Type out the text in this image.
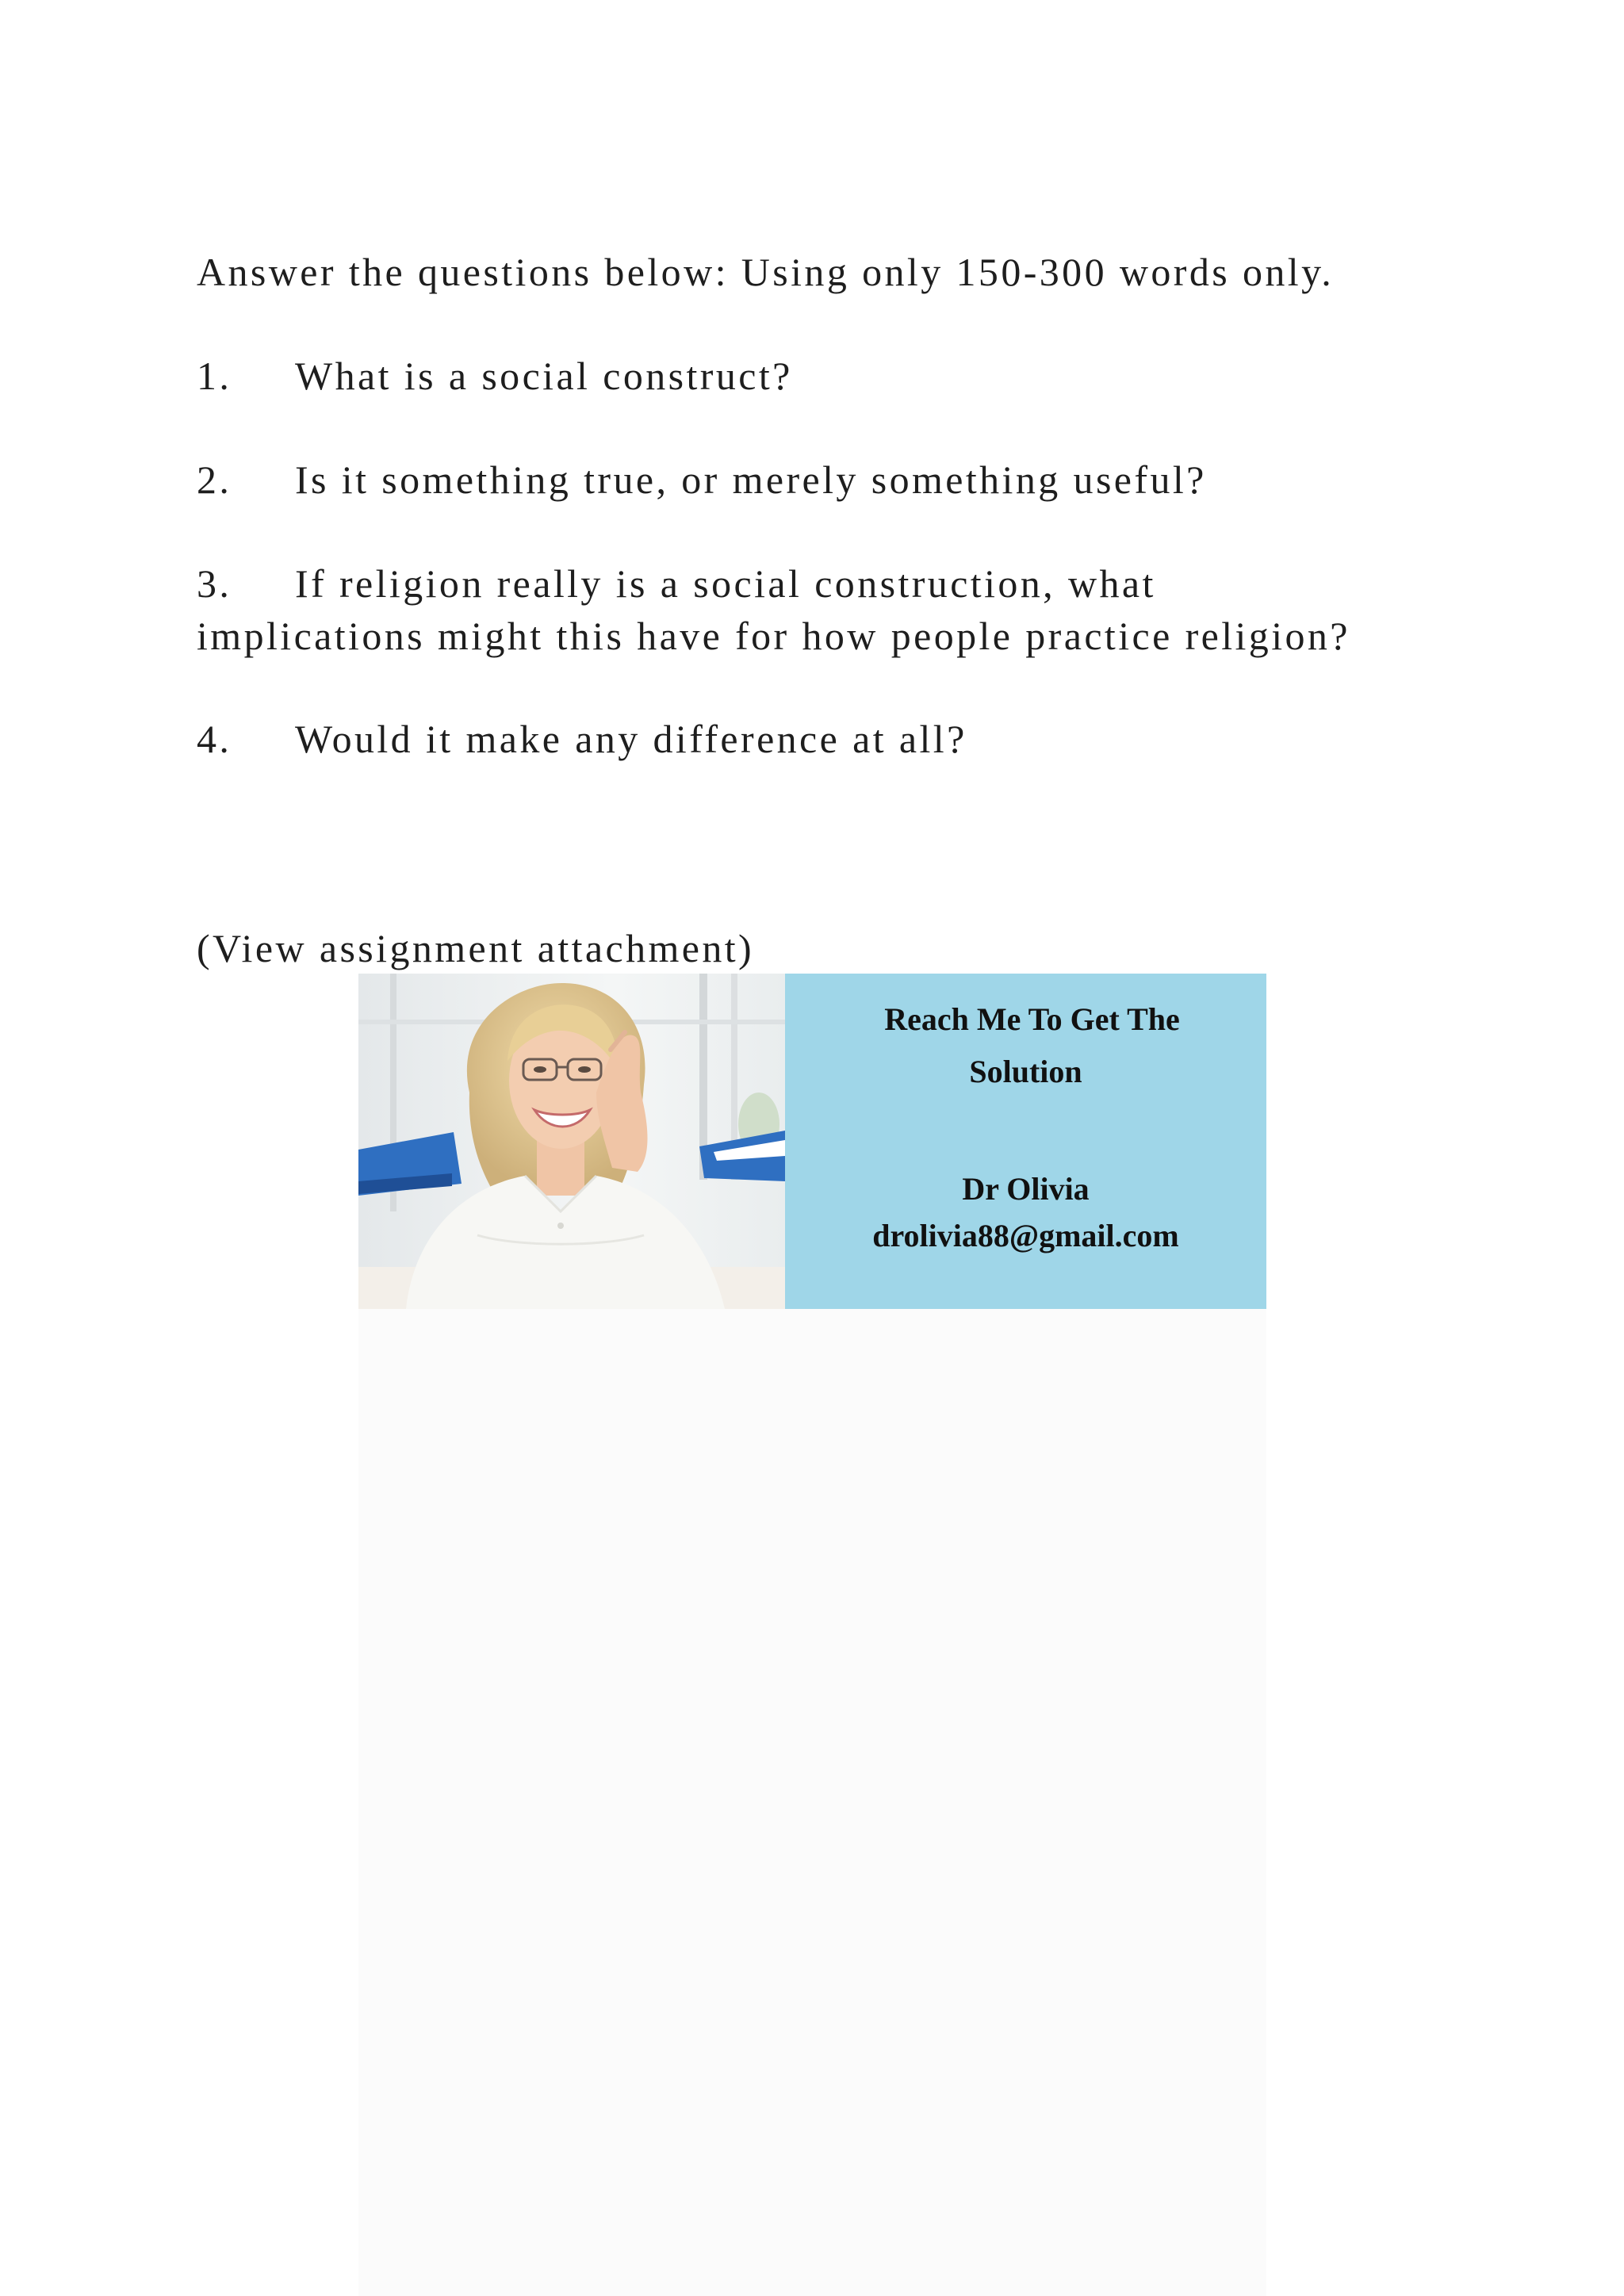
Answer the questions below: Using only 150-300 words only.
1. What is a social construct?
2. Is it something true, or merely something useful?
3. If religion really is a social construction, what
implications might this have for how people practice religion?
4. Would it make any difference at all?
(View assignment attachment)
Reach Me To Get The
Solution
Dr Olivia
drolivia88@gmail.com
